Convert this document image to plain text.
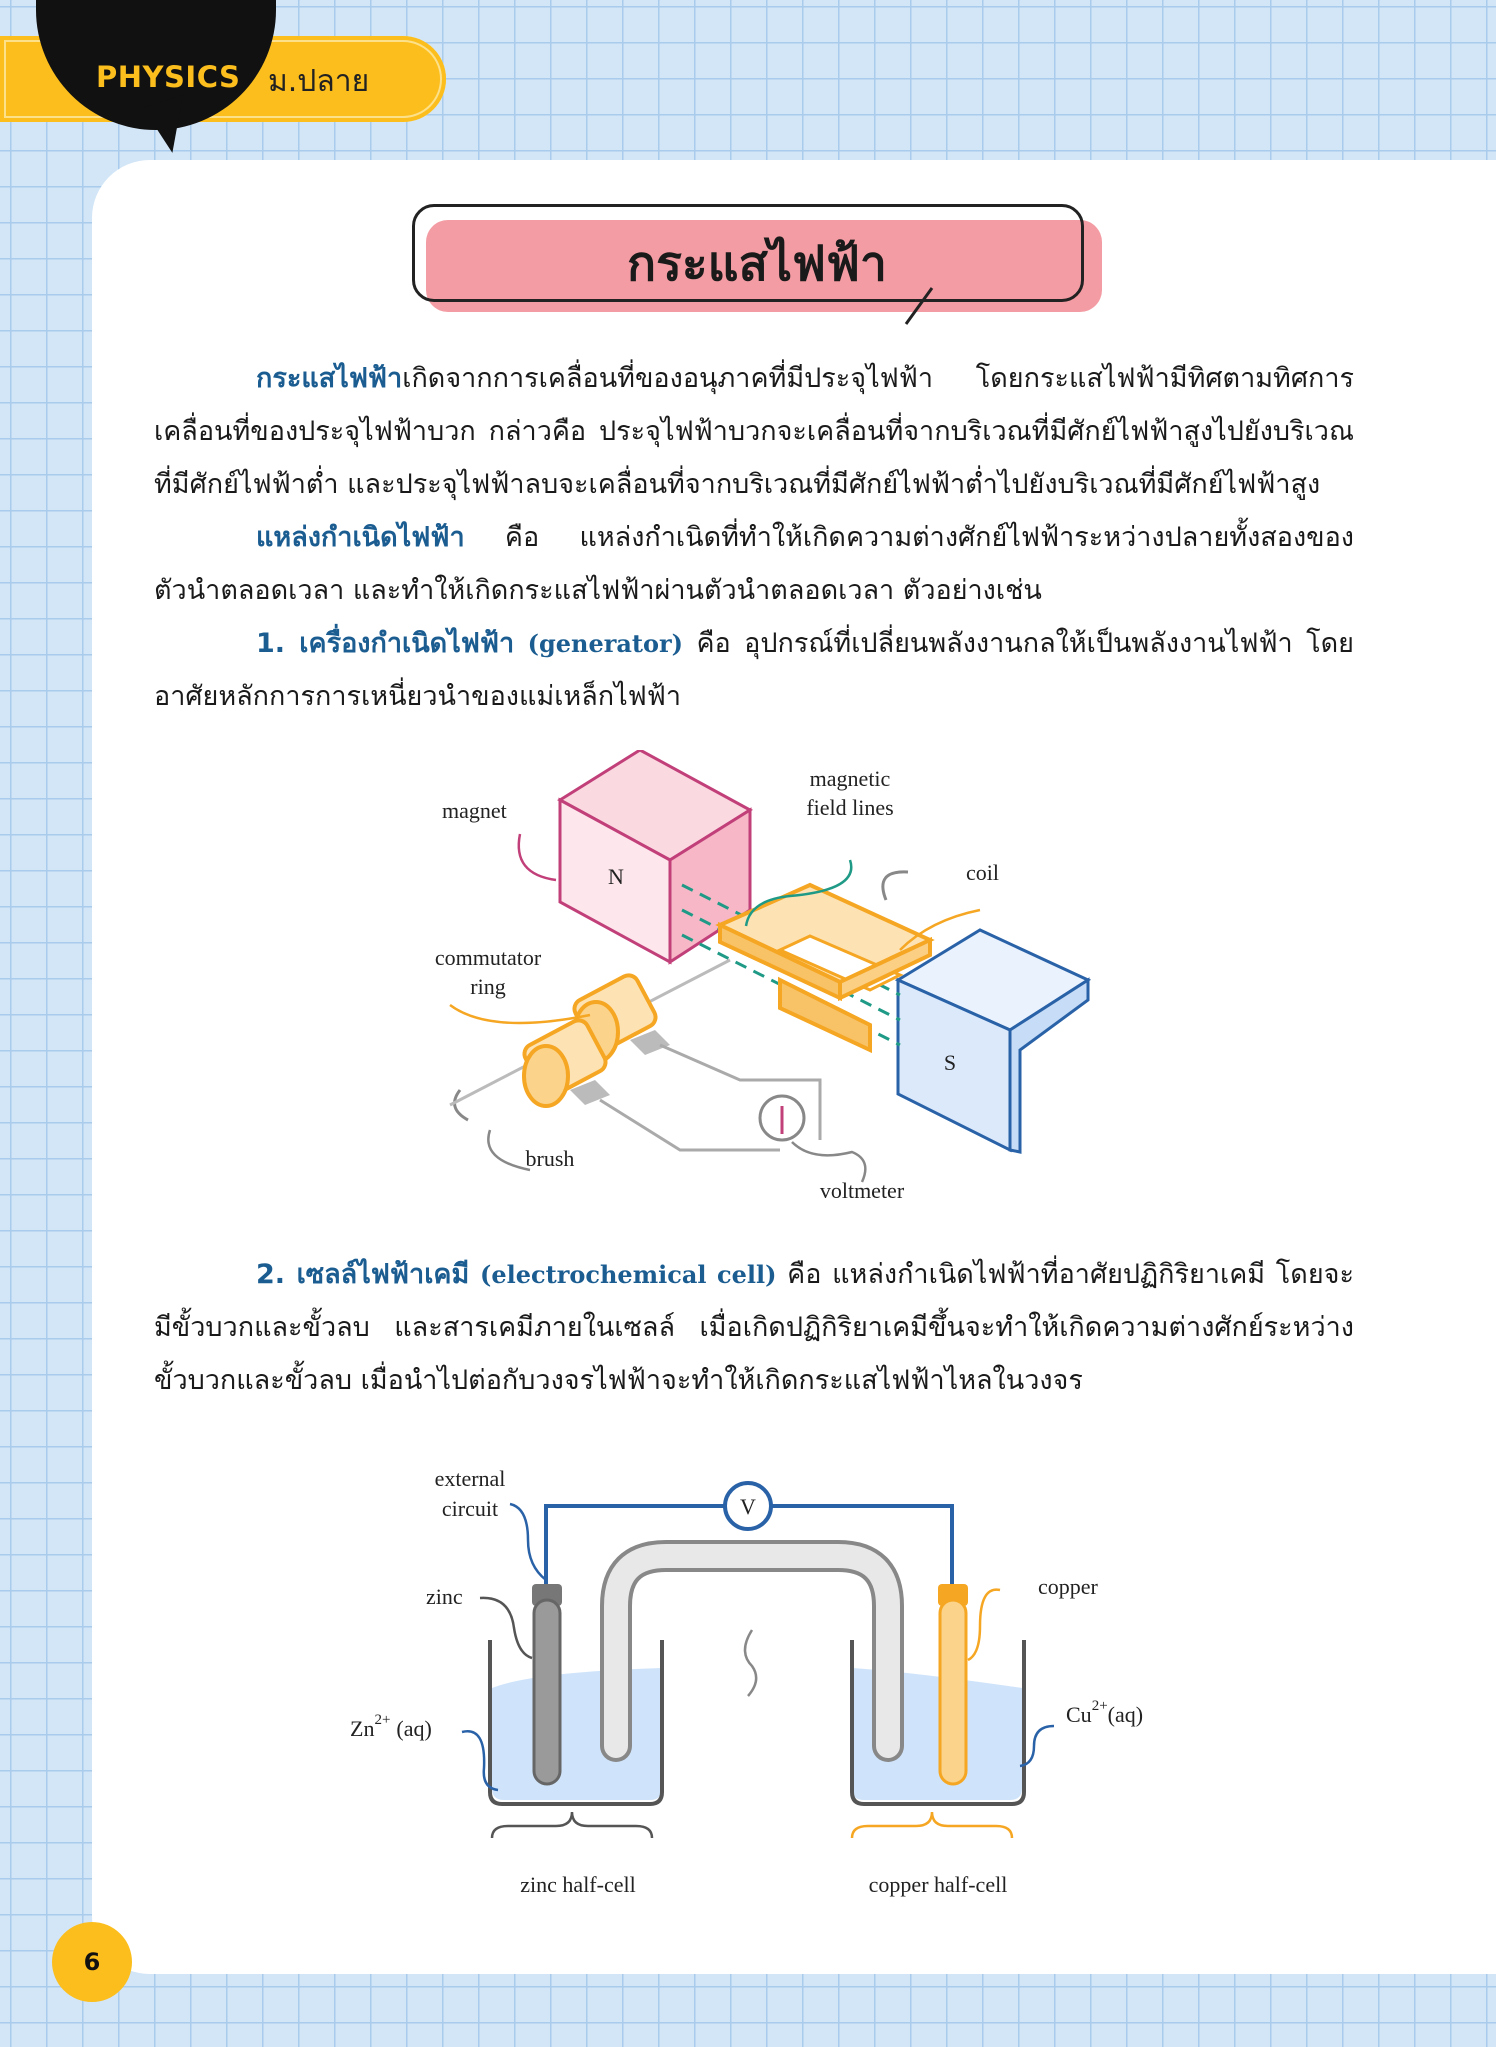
PHYSICS ม.ปลาย
กระแสไฟฟ้า

กระแสไฟฟ้าเกิดจากการเคลื่อนที่ของอนุภาคที่มีประจุไฟฟ้า โดยกระแสไฟฟ้ามีทิศตามทิศการเคลื่อนที่ของประจุไฟฟ้าบวก กล่าวคือ ประจุไฟฟ้าบวกจะเคลื่อนที่จากบริเวณที่มีศักย์ไฟฟ้าสูงไปยังบริเวณที่มีศักย์ไฟฟ้าต่ำ และประจุไฟฟ้าลบจะเคลื่อนที่จากบริเวณที่มีศักย์ไฟฟ้าต่ำไปยังบริเวณที่มีศักย์ไฟฟ้าสูง

แหล่งกำเนิดไฟฟ้า คือ แหล่งกำเนิดที่ทำให้เกิดความต่างศักย์ไฟฟ้าระหว่างปลายทั้งสองของตัวนำตลอดเวลา และทำให้เกิดกระแสไฟฟ้าผ่านตัวนำตลอดเวลา ตัวอย่างเช่น

1. เครื่องกำเนิดไฟฟ้า (generator) คือ อุปกรณ์ที่เปลี่ยนพลังงานกลให้เป็นพลังงานไฟฟ้า โดยอาศัยหลักการการเหนี่ยวนำของแม่เหล็กไฟฟ้า

N
S
magnet
magnetic
field lines
coil
commutator
ring
brush
voltmeter

2. เซลล์ไฟฟ้าเคมี (electrochemical cell) คือ แหล่งกำเนิดไฟฟ้าที่อาศัยปฏิกิริยาเคมี โดยจะมีขั้วบวกและขั้วลบ และสารเคมีภายในเซลล์ เมื่อเกิดปฏิกิริยาเคมีขึ้นจะทำให้เกิดความต่างศักย์ระหว่างขั้วบวกและขั้วลบ เมื่อนำไปต่อกับวงจรไฟฟ้าจะทำให้เกิดกระแสไฟฟ้าไหลในวงจร

V
external
circuit
zinc	copper
$Zn^{2+}$ (aq)
$Cu^{2+}(aq)$
zinc half-cell	copper half-cell
6
